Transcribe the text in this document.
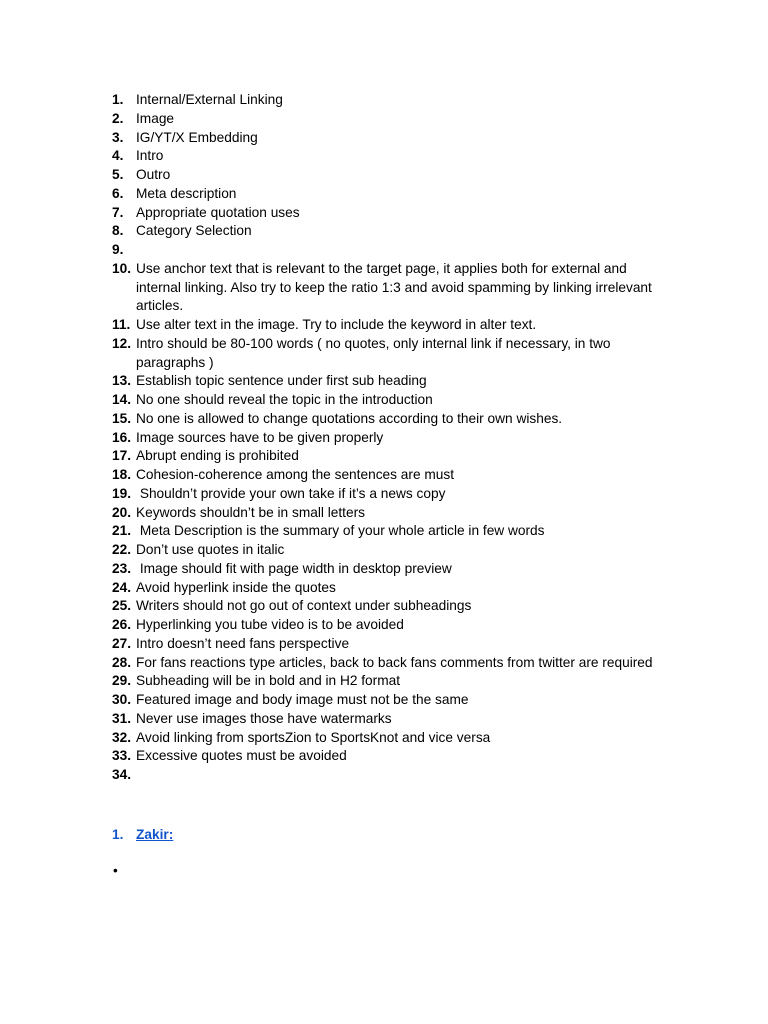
1. Internal/External Linking
2. Image
3. IG/YT/X Embedding
4. Intro
5. Outro
6. Meta description
7. Appropriate quotation uses
8. Category Selection
9.

10. Use anchor text that is relevant to the target page, it applies both for external and internal linking. Also try to keep the ratio 1:3 and avoid spamming by linking irrelevant articles.
11. Use alter text in the image. Try to include the keyword in alter text.
12. Intro should be 80-100 words ( no quotes, only internal link if necessary, in two paragraphs )
13. Establish topic sentence under first sub heading
14. No one should reveal the topic in the introduction
15. No one is allowed to change quotations according to their own wishes.
16. Image sources have to be given properly
17. Abrupt ending is prohibited
18. Cohesion-coherence among the sentences are must
19. Shouldn’t provide your own take if it’s a news copy
20. Keywords shouldn’t be in small letters
21. Meta Description is the summary of your whole article in few words
22. Don’t use quotes in italic
23. Image should fit with page width in desktop preview
24. Avoid hyperlink inside the quotes
25. Writers should not go out of context under subheadings
26. Hyperlinking you tube video is to be avoided
27. Intro doesn’t need fans perspective
28. For fans reactions type articles, back to back fans comments from twitter are required
29. Subheading will be in bold and in H2 format
30. Featured image and body image must not be the same
31. Never use images those have watermarks
32. Avoid linking from sportsZion to SportsKnot and vice versa
33. Excessive quotes must be avoided
34.

1. Zakir:
•
